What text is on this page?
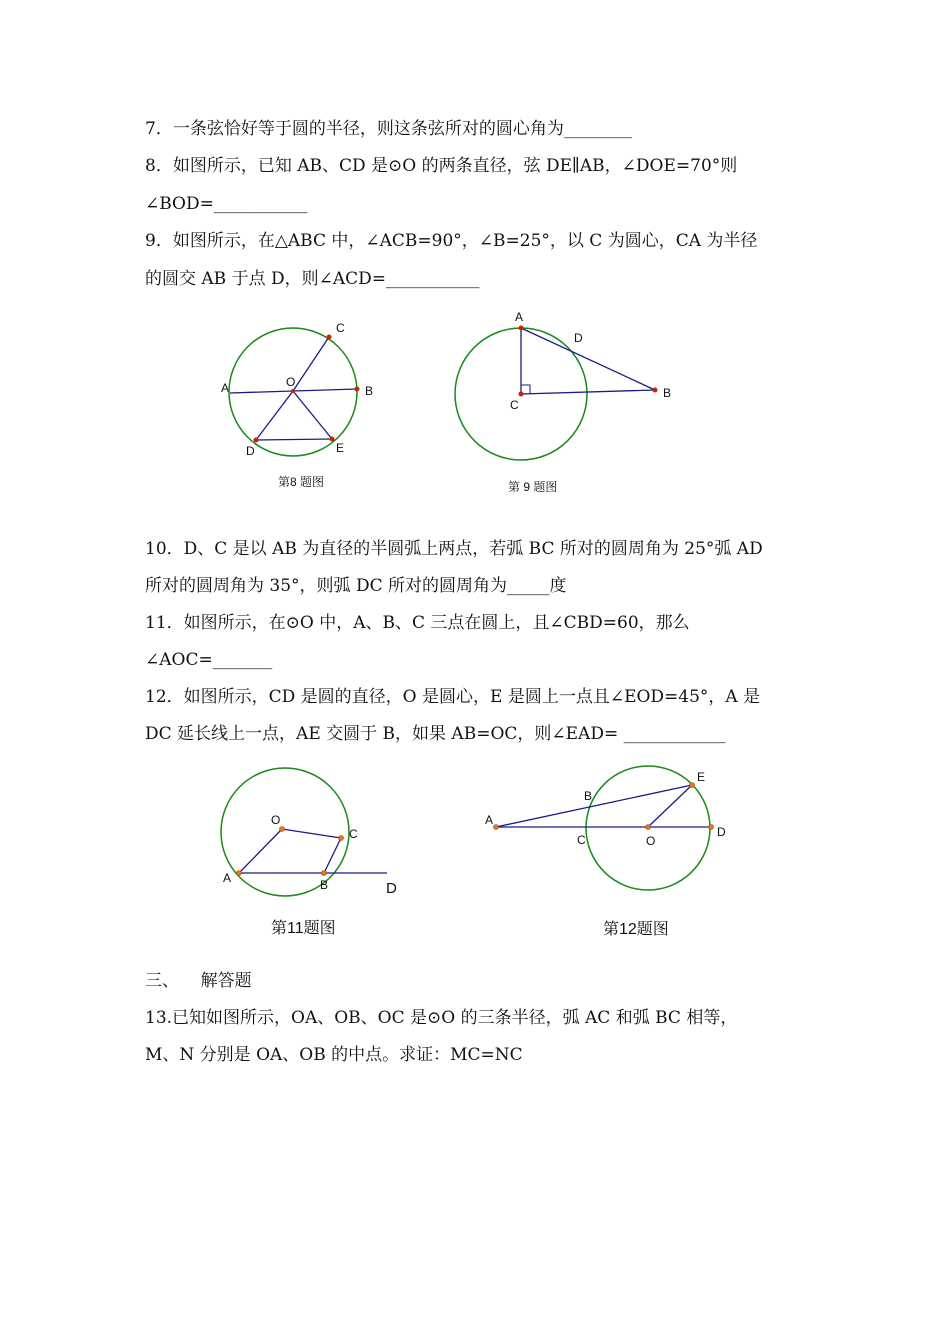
7．一条弦恰好等于圆的半径，则这条弦所对的圆心角为________
8．如图所示，已知 AB、CD 是⊙O 的两条直径，弦 DE∥AB，∠DOE=70°则
∠BOD=___________
9．如图所示，在△ABC 中，∠ACB=90°，∠B=25°，以 C 为圆心，CA 为半径
的圆交 AB 于点 D，则∠ACD=___________
C
A	O
B
D	E
A
D
C
B
第8 题图	第 9 题图
10．D、C 是以 AB 为直径的半圆弧上两点，若弧 BC 所对的圆周角为 25°弧 AD
所对的圆周角为 35°，则弧 DC 所对的圆周角为_____度
11．如图所示，在⊙O 中，A、B、C 三点在圆上，且∠CBD=60，那么
∠AOC=_______
12．如图所示，CD 是圆的直径，O 是圆心，E 是圆上一点且∠EOD=45°，A 是
DC 延长线上一点，AE 交圆于 B，如果 AB=OC，则∠EAD= ____________
O
C
A	B	D
E
B
A
C	O
D
第11题图	第12题图
三、    解答题
13.已知如图所示，OA、OB、OC 是⊙O 的三条半径，弧 AC 和弧 BC 相等，
M、N 分别是 OA、OB 的中点。求证：MC=NC
